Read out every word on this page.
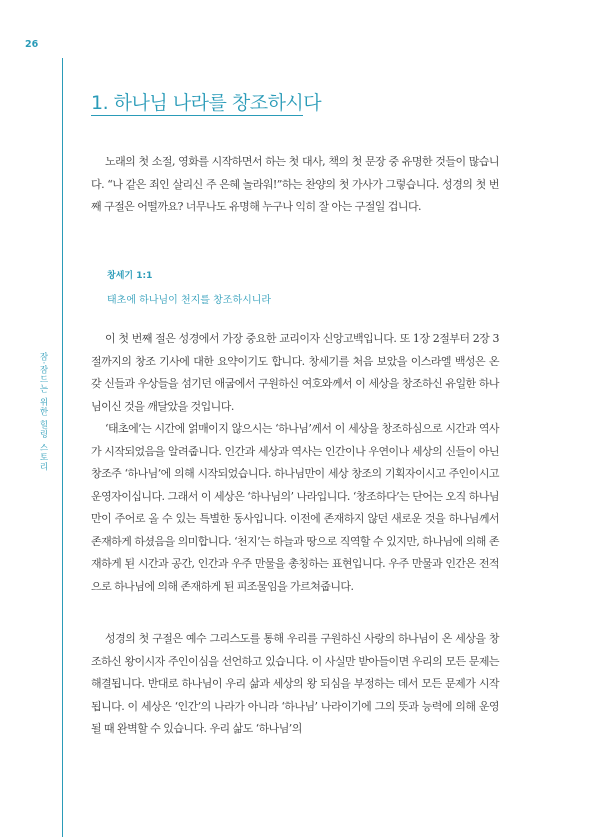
26
잠·잠드는 위한 힐링 스토리
1. 하나님 나라를 창조하시다

노래의 첫 소절, 영화를 시작하면서 하는 첫 대사, 책의 첫 문장 중 유명한 것들이 많습니다. “나 같은 죄인 살리신 주 은혜 놀라워!”하는 찬양의 첫 가사가 그렇습니다. 성경의 첫 번째 구절은 어떨까요? 너무나도 유명해 누구나 익히 잘 아는 구절일 겁니다.

창세기 1:1
태초에 하나님이 천지를 창조하시니라

이 첫 번째 절은 성경에서 가장 중요한 교리이자 신앙고백입니다. 또 1장 2절부터 2장 3절까지의 창조 기사에 대한 요약이기도 합니다. 창세기를 처음 보았을 이스라엘 백성은 온갖 신들과 우상들을 섬기던 애굽에서 구원하신 여호와께서 이 세상을 창조하신 유일한 하나님이신 것을 깨달았을 것입니다.

‘태초에’는 시간에 얽매이지 않으시는 ‘하나님’께서 이 세상을 창조하심으로 시간과 역사가 시작되었음을 알려줍니다. 인간과 세상과 역사는 인간이나 우연이나 세상의 신들이 아닌 창조주 ‘하나님’에 의해 시작되었습니다. 하나님만이 세상 창조의 기획자이시고 주인이시고 운영자이십니다. 그래서 이 세상은 ‘하나님의’ 나라입니다. ‘창조하다’는 단어는 오직 하나님만이 주어로 올 수 있는 특별한 동사입니다. 이전에 존재하지 않던 새로운 것을 하나님께서 존재하게 하셨음을 의미합니다. ‘천지’는 하늘과 땅으로 직역할 수 있지만, 하나님에 의해 존재하게 된 시간과 공간, 인간과 우주 만물을 총칭하는 표현입니다. 우주 만물과 인간은 전적으로 하나님에 의해 존재하게 된 피조물임을 가르쳐줍니다.

성경의 첫 구절은 예수 그리스도를 통해 우리를 구원하신 사랑의 하나님이 온 세상을 창조하신 왕이시자 주인이심을 선언하고 있습니다. 이 사실만 받아들이면 우리의 모든 문제는 해결됩니다. 반대로 하나님이 우리 삶과 세상의 왕 되심을 부정하는 데서 모든 문제가 시작됩니다. 이 세상은 ‘인간’의 나라가 아니라 ‘하나님’ 나라이기에 그의 뜻과 능력에 의해 운영될 때 완벽할 수 있습니다. 우리 삶도 ‘하나님’의
